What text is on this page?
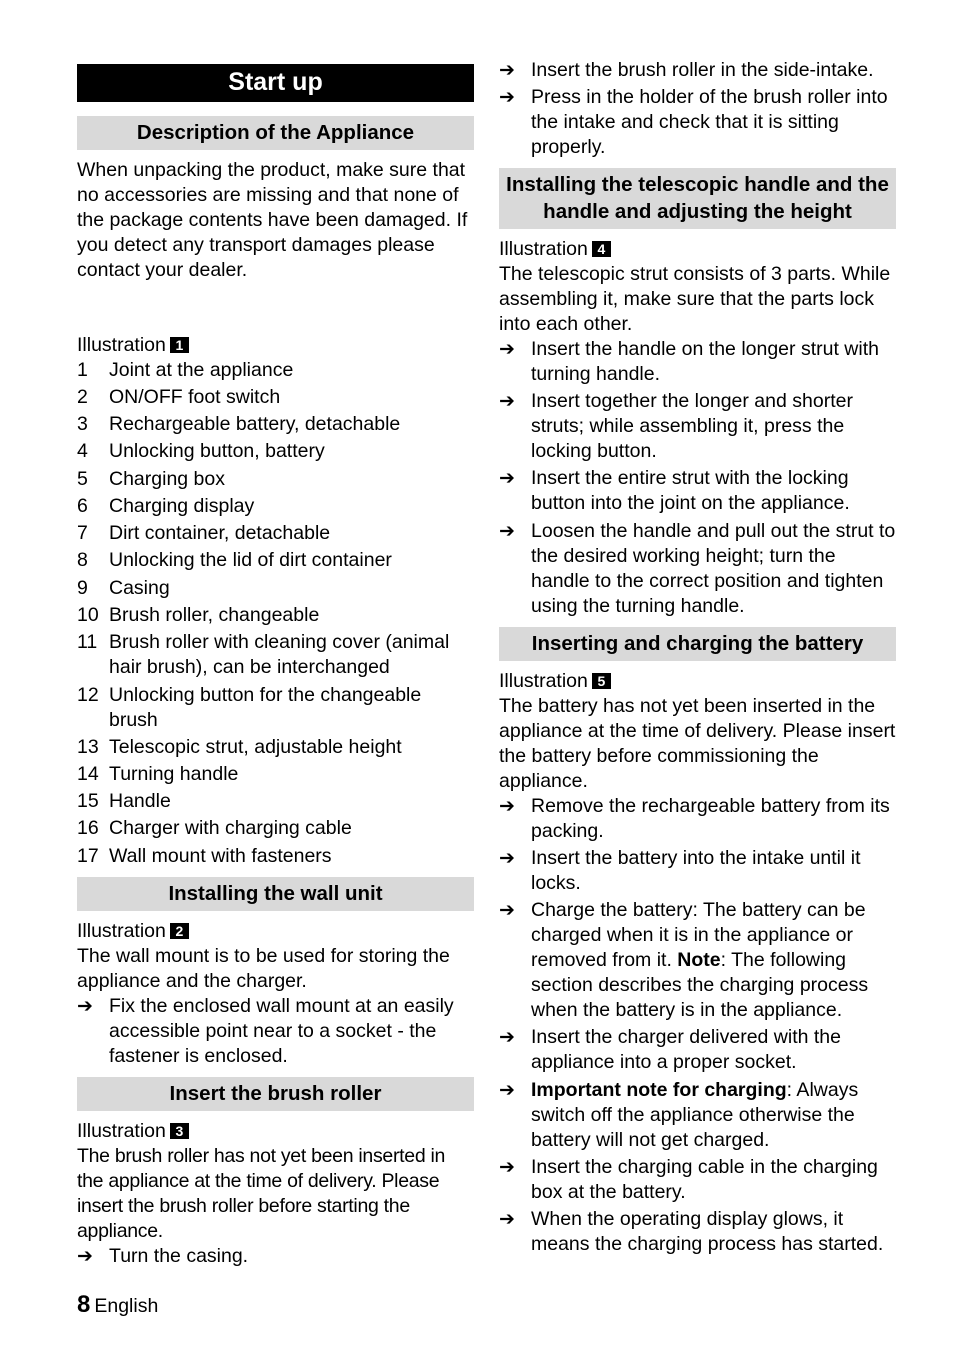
Start up
Description of the Appliance
When unpacking the product, make sure that no accessories are missing and that none of the package contents have been damaged. If you detect any transport damages please contact your dealer.
Illustration 1
1 Joint at the appliance
2 ON/OFF foot switch
3 Rechargeable battery, detachable
4 Unlocking button, battery
5 Charging box
6 Charging display
7 Dirt container, detachable
8 Unlocking the lid of dirt container
9 Casing
10 Brush roller, changeable
11 Brush roller with cleaning cover (animal hair brush), can be interchanged
12 Unlocking button for the changeable brush
13 Telescopic strut, adjustable height
14 Turning handle
15 Handle
16 Charger with charging cable
17 Wall mount with fasteners
Installing the wall unit
Illustration 2
The wall mount is to be used for storing the appliance and the charger.
➔ Fix the enclosed wall mount at an easily accessible point near to a socket - the fastener is enclosed.
Insert the brush roller
Illustration 3
The brush roller has not yet been inserted in the appliance at the time of delivery. Please insert the brush roller before starting the appliance.
➔ Turn the casing.
➔ Insert the brush roller in the side-intake.
➔ Press in the holder of the brush roller into the intake and check that it is sitting properly.
Installing the telescopic handle and the handle and adjusting the height
Illustration 4
The telescopic strut consists of 3 parts. While assembling it, make sure that the parts lock into each other.
➔ Insert the handle on the longer strut with turning handle.
➔ Insert together the longer and shorter struts; while assembling it, press the locking button.
➔ Insert the entire strut with the locking button into the joint on the appliance.
➔ Loosen the handle and pull out the strut to the desired working height; turn the handle to the correct position and tighten using the turning handle.
Inserting and charging the battery
Illustration 5
The battery has not yet been inserted in the appliance at the time of delivery. Please insert the battery before commissioning the appliance.
➔ Remove the rechargeable battery from its packing.
➔ Insert the battery into the intake until it locks.
➔ Charge the battery: The battery can be charged when it is in the appliance or removed from it. Note: The following section describes the charging process when the battery is in the appliance.
➔ Insert the charger delivered with the appliance into a proper socket.
➔ Important note for charging: Always switch off the appliance otherwise the battery will not get charged.
➔ Insert the charging cable in the charging box at the battery.
➔ When the operating display glows, it means the charging process has started.
8 English
